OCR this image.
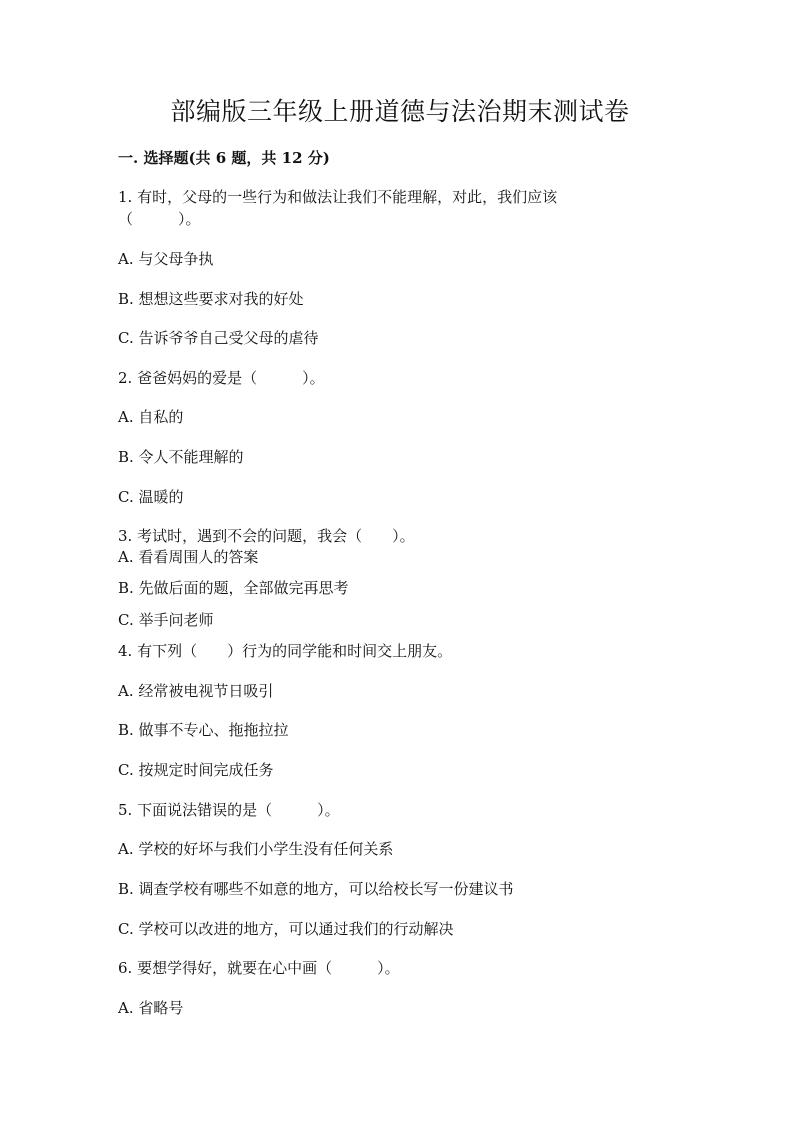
部编版三年级上册道德与法治期末测试卷
一. 选择题(共 6 题，共 12 分)
1. 有时，父母的一些行为和做法让我们不能理解，对此，我们应该
（　　　）。
A. 与父母争执
B. 想想这些要求对我的好处
C. 告诉爷爷自己受父母的虐待
2. 爸爸妈妈的爱是（　　　）。
A. 自私的
B. 令人不能理解的
C. 温暖的
3. 考试时，遇到不会的问题，我会（　　）。
A. 看看周围人的答案
B. 先做后面的题，全部做完再思考
C. 举手问老师
4. 有下列（　　）行为的同学能和时间交上朋友。
A. 经常被电视节日吸引
B. 做事不专心、拖拖拉拉
C. 按规定时间完成任务
5. 下面说法错误的是（　　　）。
A. 学校的好坏与我们小学生没有任何关系
B. 调查学校有哪些不如意的地方，可以给校长写一份建议书
C. 学校可以改进的地方，可以通过我们的行动解决
6. 要想学得好，就要在心中画（　　　）。
A. 省略号
